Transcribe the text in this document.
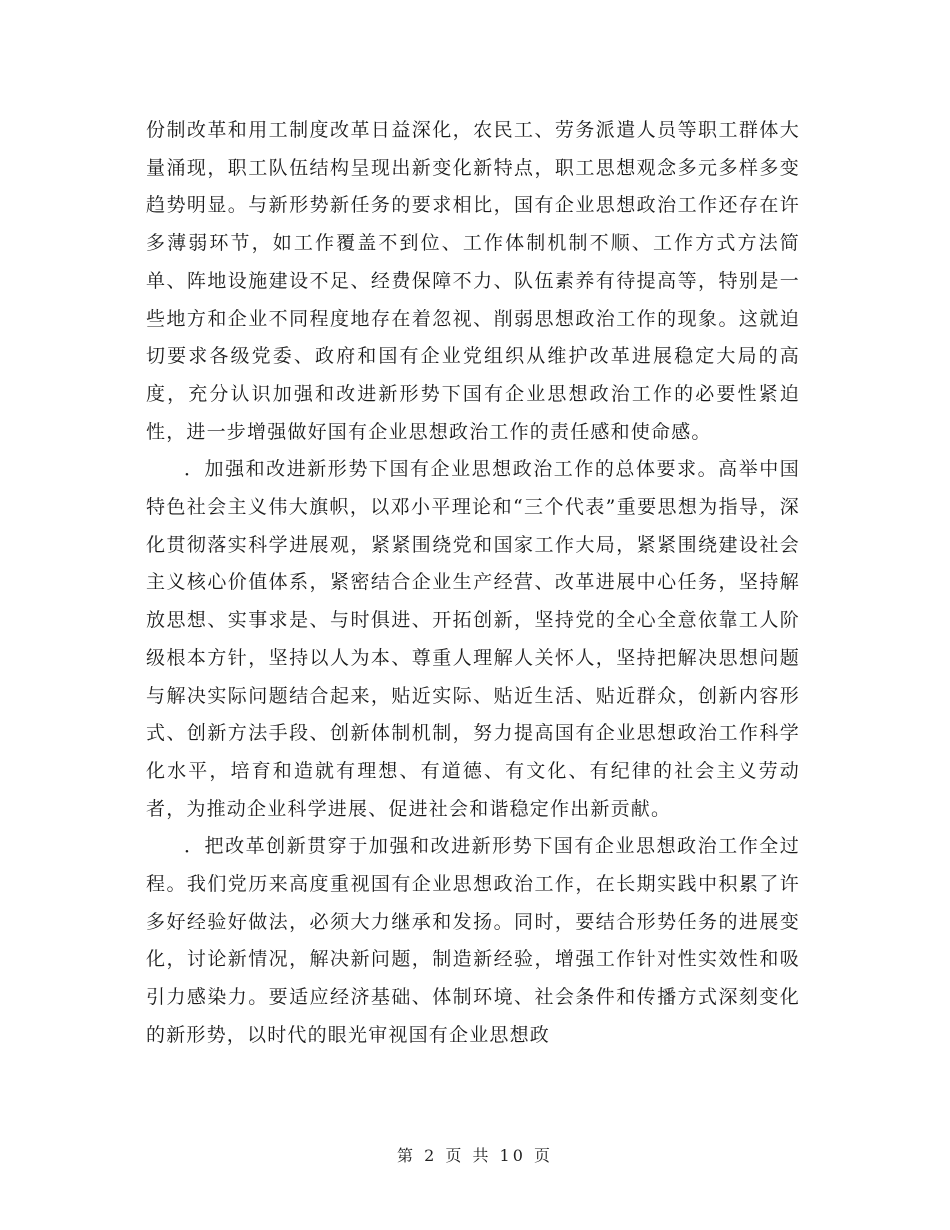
份制改革和用工制度改革日益深化，农民工、劳务派遣人员等职工群体大量涌现，职工队伍结构呈现出新变化新特点，职工思想观念多元多样多变趋势明显。与新形势新任务的要求相比，国有企业思想政治工作还存在许多薄弱环节，如工作覆盖不到位、工作体制机制不顺、工作方式方法简单、阵地设施建设不足、经费保障不力、队伍素养有待提高等，特别是一些地方和企业不同程度地存在着忽视、削弱思想政治工作的现象。这就迫切要求各级党委、政府和国有企业党组织从维护改革进展稳定大局的高度，充分认识加强和改进新形势下国有企业思想政治工作的必要性紧迫性，进一步增强做好国有企业思想政治工作的责任感和使命感。

．加强和改进新形势下国有企业思想政治工作的总体要求。高举中国特色社会主义伟大旗帜，以邓小平理论和“三个代表”重要思想为指导，深化贯彻落实科学进展观，紧紧围绕党和国家工作大局，紧紧围绕建设社会主义核心价值体系，紧密结合企业生产经营、改革进展中心任务，坚持解放思想、实事求是、与时俱进、开拓创新，坚持党的全心全意依靠工人阶级根本方针，坚持以人为本、尊重人理解人关怀人，坚持把解决思想问题与解决实际问题结合起来，贴近实际、贴近生活、贴近群众，创新内容形式、创新方法手段、创新体制机制，努力提高国有企业思想政治工作科学化水平，培育和造就有理想、有道德、有文化、有纪律的社会主义劳动者，为推动企业科学进展、促进社会和谐稳定作出新贡献。

．把改革创新贯穿于加强和改进新形势下国有企业思想政治工作全过程。我们党历来高度重视国有企业思想政治工作，在长期实践中积累了许多好经验好做法，必须大力继承和发扬。同时，要结合形势任务的进展变化，讨论新情况，解决新问题，制造新经验，增强工作针对性实效性和吸引力感染力。要适应经济基础、体制环境、社会条件和传播方式深刻变化的新形势，以时代的眼光审视国有企业思想政

第 2 页 共 10 页
